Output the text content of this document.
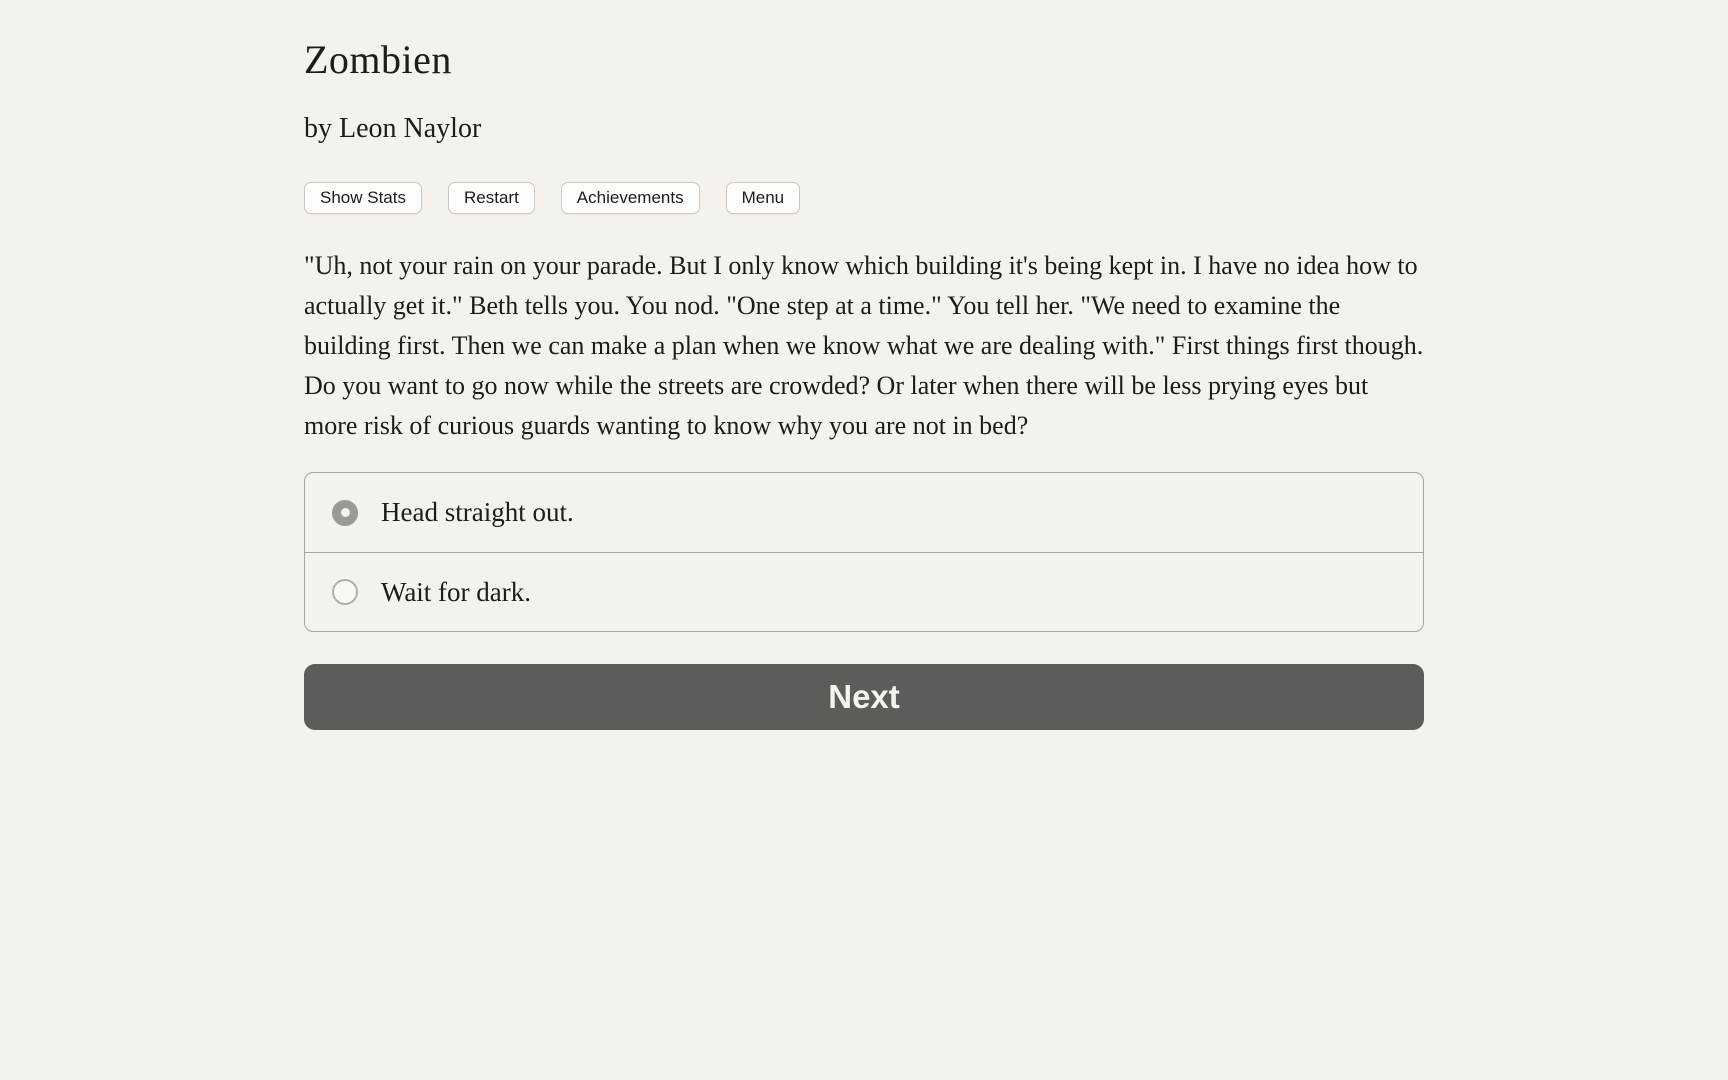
Zombien
by Leon Naylor
Show Stats	Restart	Achievements	Menu
"Uh, not your rain on your parade. But I only know which building it's being kept in. I have no idea how to actually get it." Beth tells you. You nod. "One step at a time." You tell her. "We need to examine the building first. Then we can make a plan when we know what we are dealing with." First things first though. Do you want to go now while the streets are crowded? Or later when there will be less prying eyes but more risk of curious guards wanting to know why you are not in bed?
Head straight out.
Wait for dark.
Next
